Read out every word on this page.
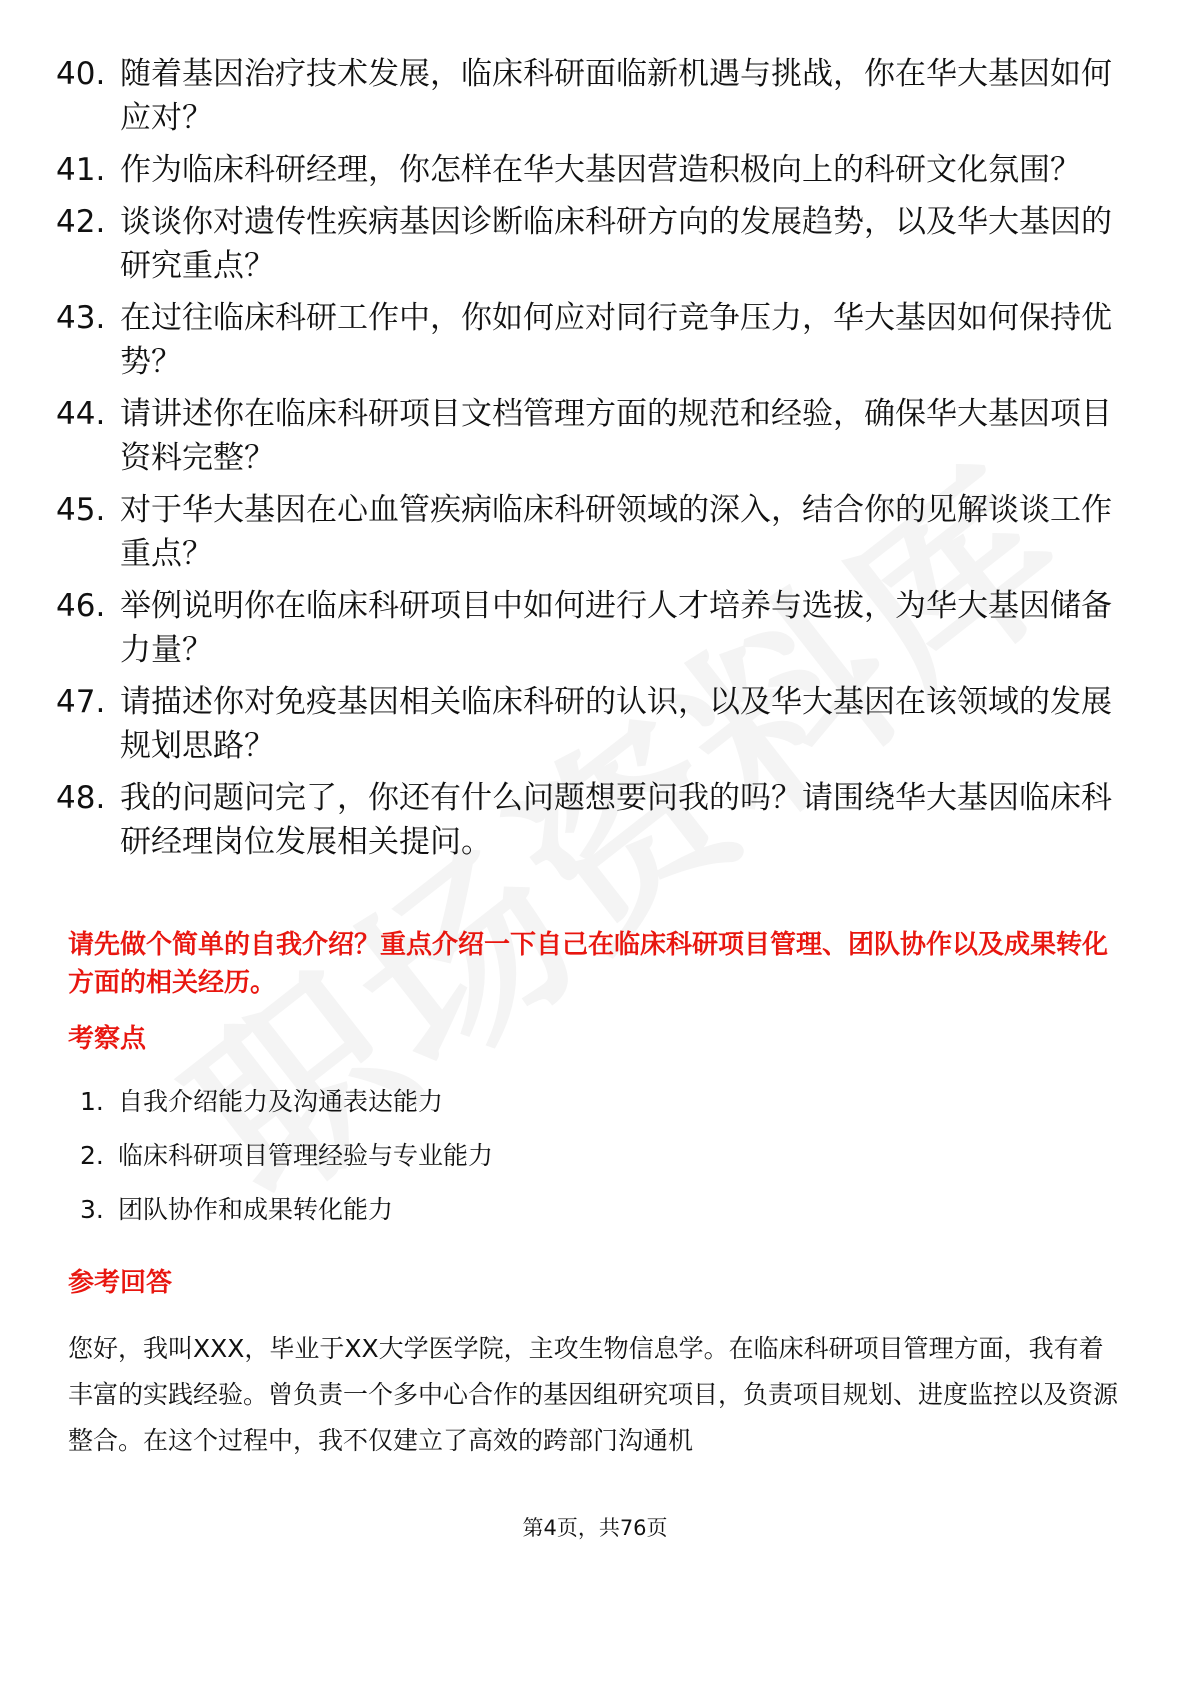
40. 随着基因治疗技术发展，临床科研面临新机遇与挑战，你在华大基因如何应对？
41. 作为临床科研经理，你怎样在华大基因营造积极向上的科研文化氛围？
42. 谈谈你对遗传性疾病基因诊断临床科研方向的发展趋势，以及华大基因的研究重点？
43. 在过往临床科研工作中，你如何应对同行竞争压力，华大基因如何保持优势？
44. 请讲述你在临床科研项目文档管理方面的规范和经验，确保华大基因项目资料完整？
45. 对于华大基因在心血管疾病临床科研领域的深入，结合你的见解谈谈工作重点？
46. 举例说明你在临床科研项目中如何进行人才培养与选拔，为华大基因储备力量？
47. 请描述你对免疫基因相关临床科研的认识，以及华大基因在该领域的发展规划思路？
48. 我的问题问完了，你还有什么问题想要问我的吗？请围绕华大基因临床科研经理岗位发展相关提问。

请先做个简单的自我介绍？重点介绍一下自己在临床科研项目管理、团队协作以及成果转化方面的相关经历。

考察点
1. 自我介绍能力及沟通表达能力
2. 临床科研项目管理经验与专业能力
3. 团队协作和成果转化能力
参考回答

您好，我叫XXX，毕业于XX大学医学院，主攻生物信息学。在临床科研项目管理方面，我有着丰富的实践经验。曾负责一个多中心合作的基因组研究项目，负责项目规划、进度监控以及资源整合。在这个过程中，我不仅建立了高效的跨部门沟通机

第4页，共76页
